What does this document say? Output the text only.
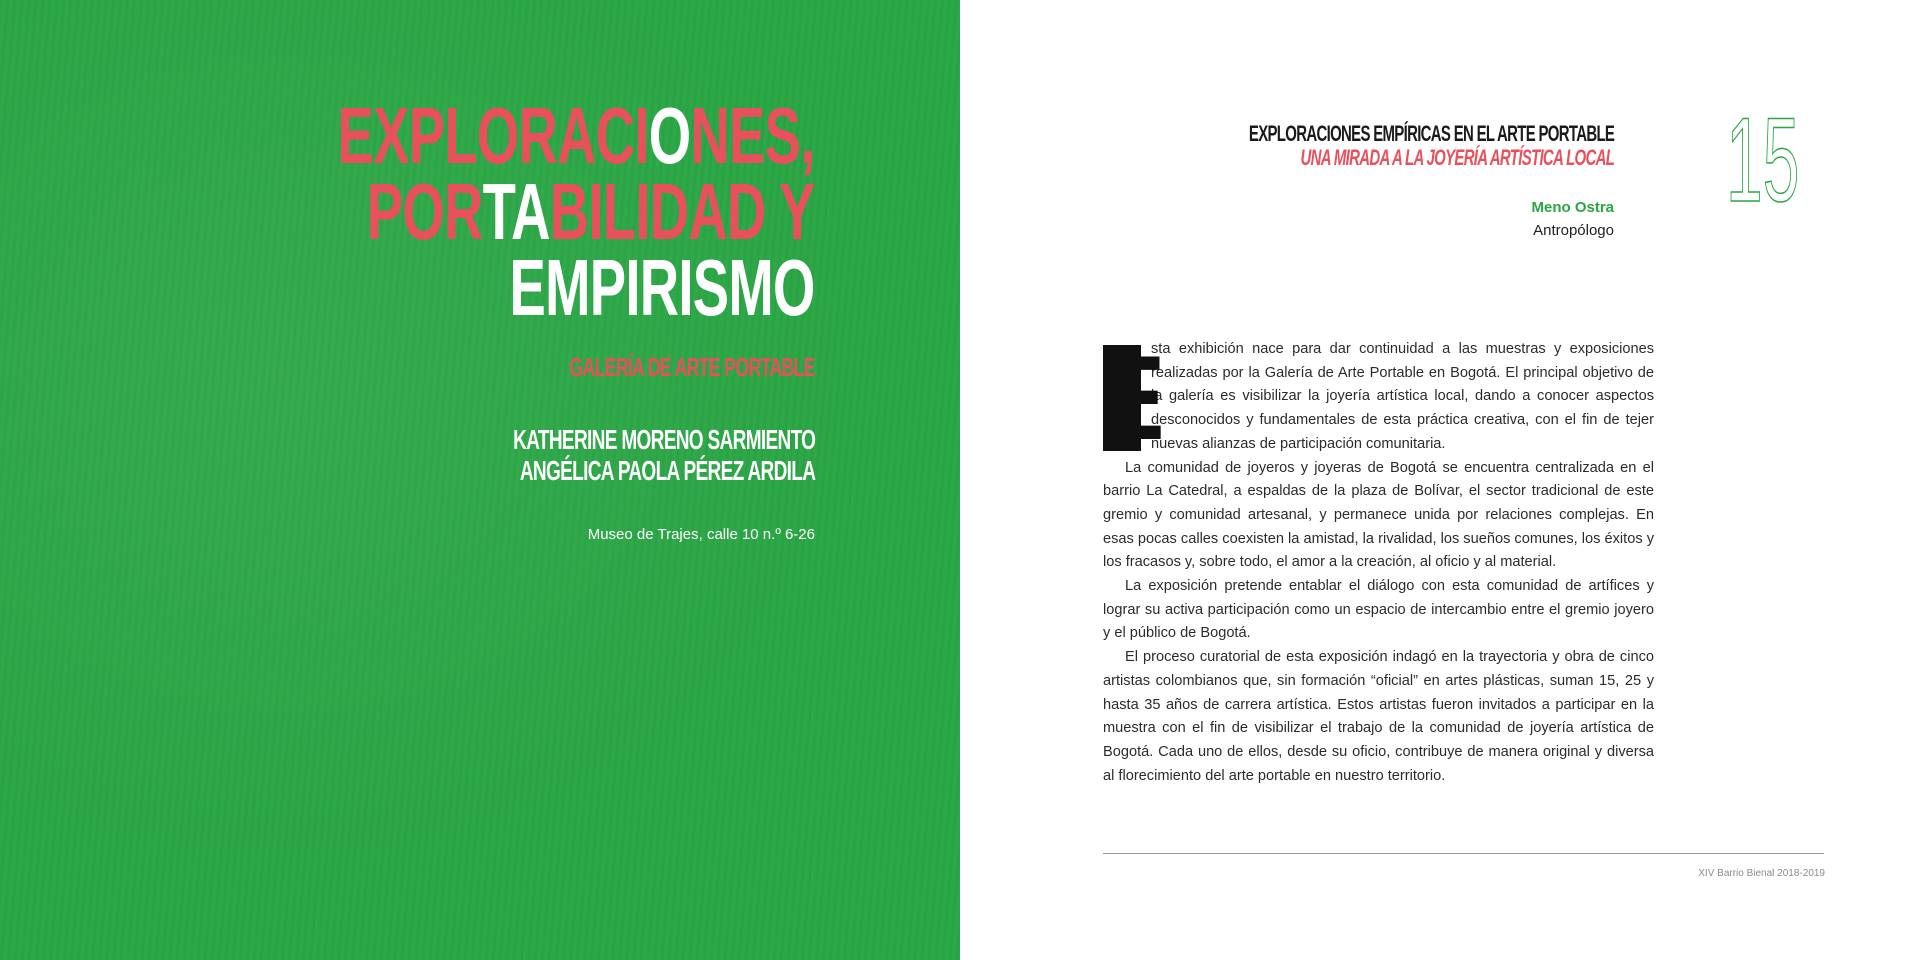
EXPLORACIONES,
PORTABILIDAD Y
EMPIRISMO
GALERÍA DE ARTE PORTABLE
KATHERINE MORENO SARMIENTO
ANGÉLICA PAOLA PÉREZ ARDILA
Museo de Trajes, calle 10 n.º 6-26
EXPLORACIONES EMPÍRICAS EN EL ARTE PORTABLE
UNA MIRADA A LA JOYERÍA ARTÍSTICA LOCAL
Meno Ostra
Antropólogo
15

E
sta exhibición nace para dar continuidad a las muestras y exposiciones realizadas por la Galería de Arte Portable en Bogotá. El principal objetivo de la galería es visibilizar la joyería artística local, dando a conocer aspectos desconocidos y fundamentales de esta práctica creativa, con el fin de tejer nuevas alianzas de participación comunitaria.

La comunidad de joyeros y joyeras de Bogotá se encuentra centralizada en el barrio La Catedral, a espaldas de la plaza de Bolívar, el sector tradicional de este gremio y comunidad artesanal, y permanece unida por relaciones complejas. En esas pocas calles coexisten la amistad, la rivalidad, los sueños comunes, los éxitos y los fracasos y, sobre todo, el amor a la creación, al oficio y al material.

La exposición pretende entablar el diálogo con esta comunidad de artífices y lograr su activa participación como un espacio de intercambio entre el gremio joyero y el público de Bogotá.

El proceso curatorial de esta exposición indagó en la trayectoria y obra de cinco artistas colombianos que, sin formación “oficial” en artes plásticas, suman 15, 25 y hasta 35 años de carrera artística. Estos artistas fueron invitados a participar en la muestra con el fin de visibilizar el trabajo de la comunidad de joyería artística de Bogotá. Cada uno de ellos, desde su oficio, contribuye de manera original y diversa al florecimiento del arte portable en nuestro territorio.

XIV Barrio Bienal 2018-2019
